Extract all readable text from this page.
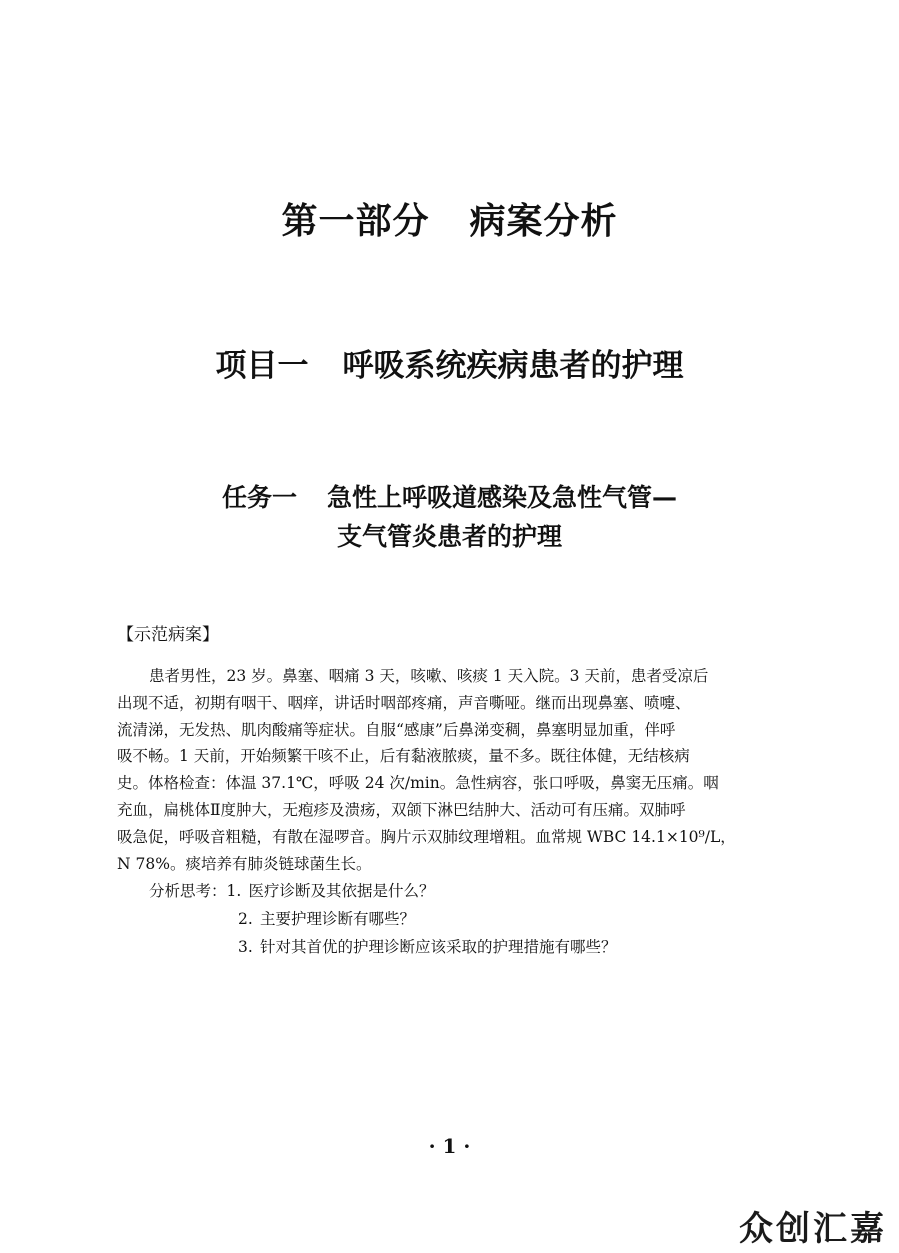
第一部分 病案分析
项目一 呼吸系统疾病患者的护理
任务一 急性上呼吸道感染及急性气管—
支气管炎患者的护理
【示范病案】
患者男性，23 岁。鼻塞、咽痛 3 天，咳嗽、咳痰 1 天入院。3 天前，患者受凉后
出现不适，初期有咽干、咽痒，讲话时咽部疼痛，声音嘶哑。继而出现鼻塞、喷嚏、
流清涕，无发热、肌肉酸痛等症状。自服“感康”后鼻涕变稠，鼻塞明显加重，伴呼
吸不畅。1 天前，开始频繁干咳不止，后有黏液脓痰，量不多。既往体健，无结核病
史。体格检查：体温 37.1℃，呼吸 24 次/min。急性病容，张口呼吸，鼻窦无压痛。咽
充血，扁桃体Ⅱ度肿大，无疱疹及溃疡，双颌下淋巴结肿大、活动可有压痛。双肺呼
吸急促，呼吸音粗糙，有散在湿啰音。胸片示双肺纹理增粗。血常规 WBC 14.1×10⁹/L，
N 78%。痰培养有肺炎链球菌生长。
分析思考：1. 医疗诊断及其依据是什么？
2. 主要护理诊断有哪些？
3. 针对其首优的护理诊断应该采取的护理措施有哪些？
· 1 ·
众创汇嘉
